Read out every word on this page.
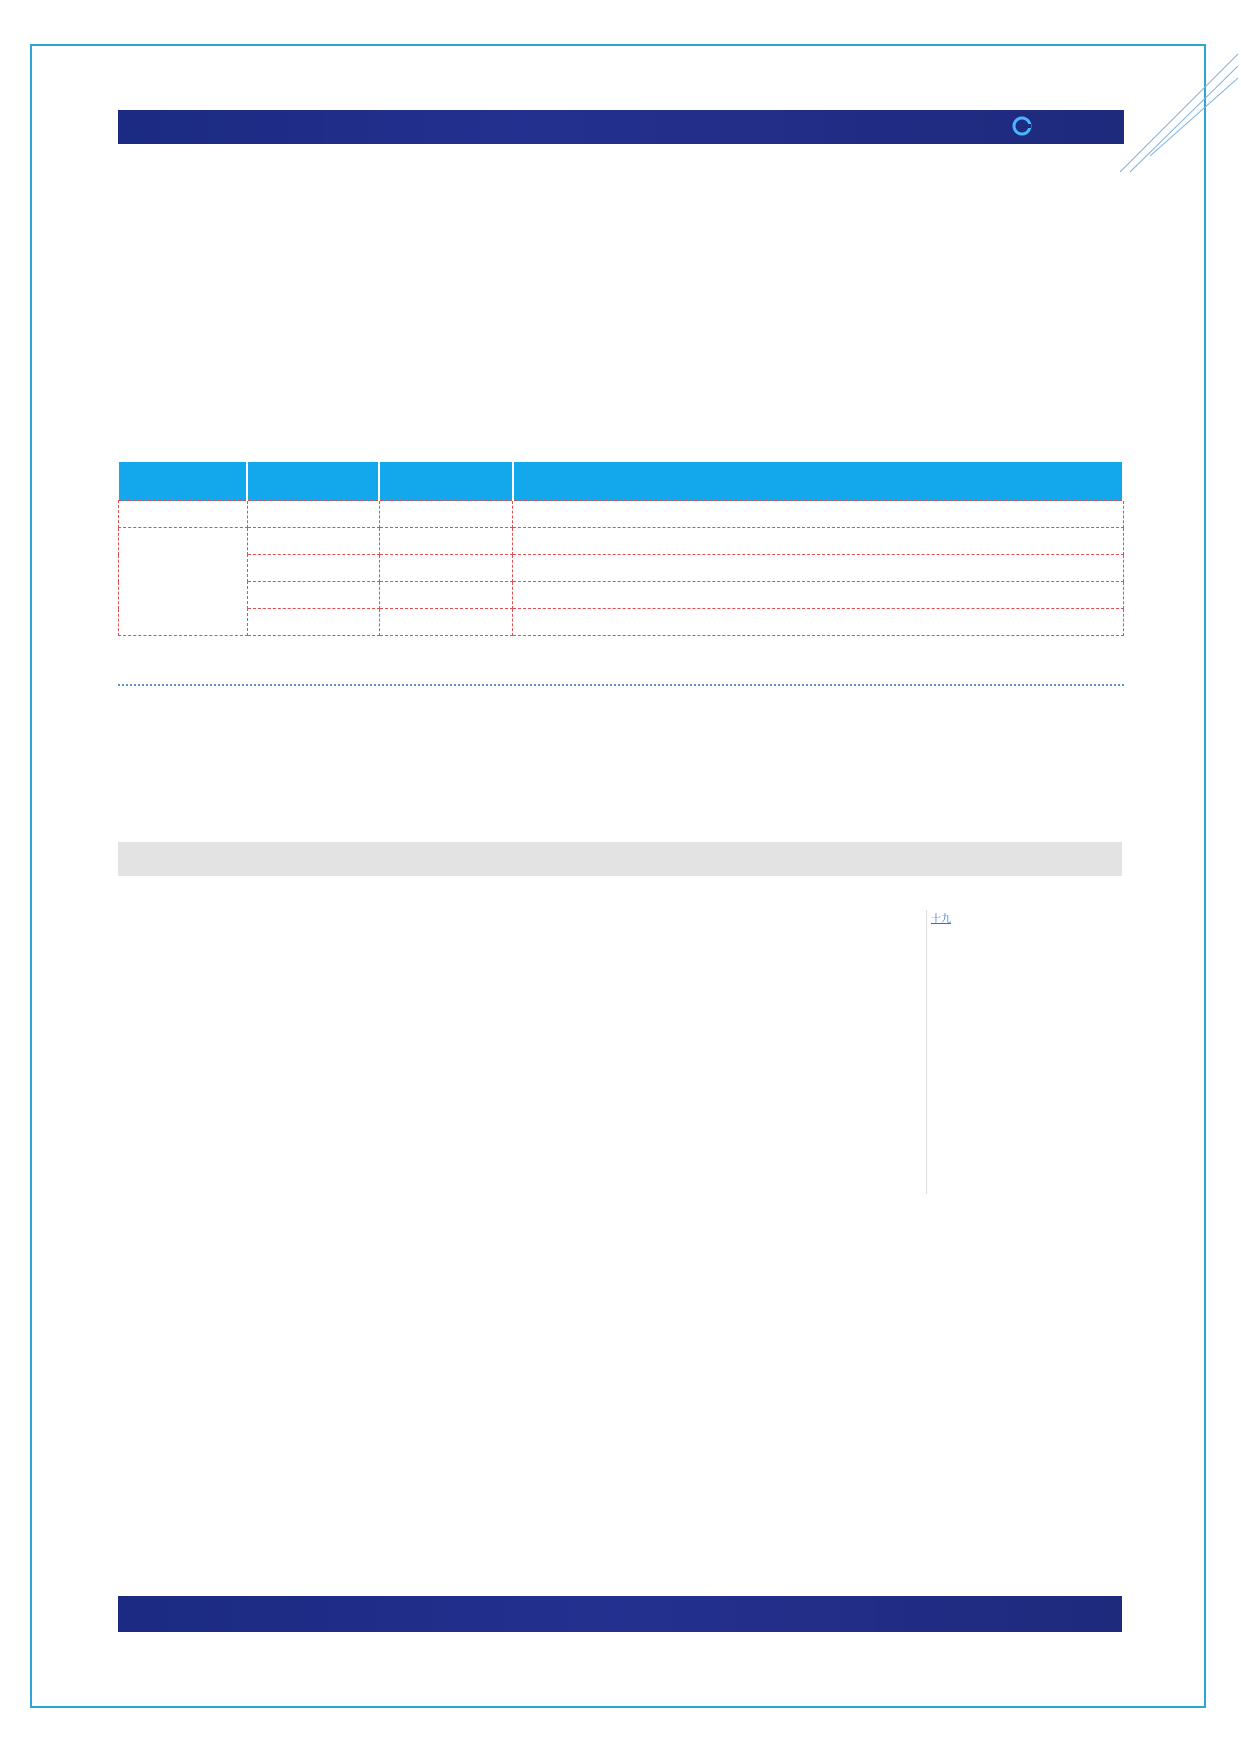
十九
